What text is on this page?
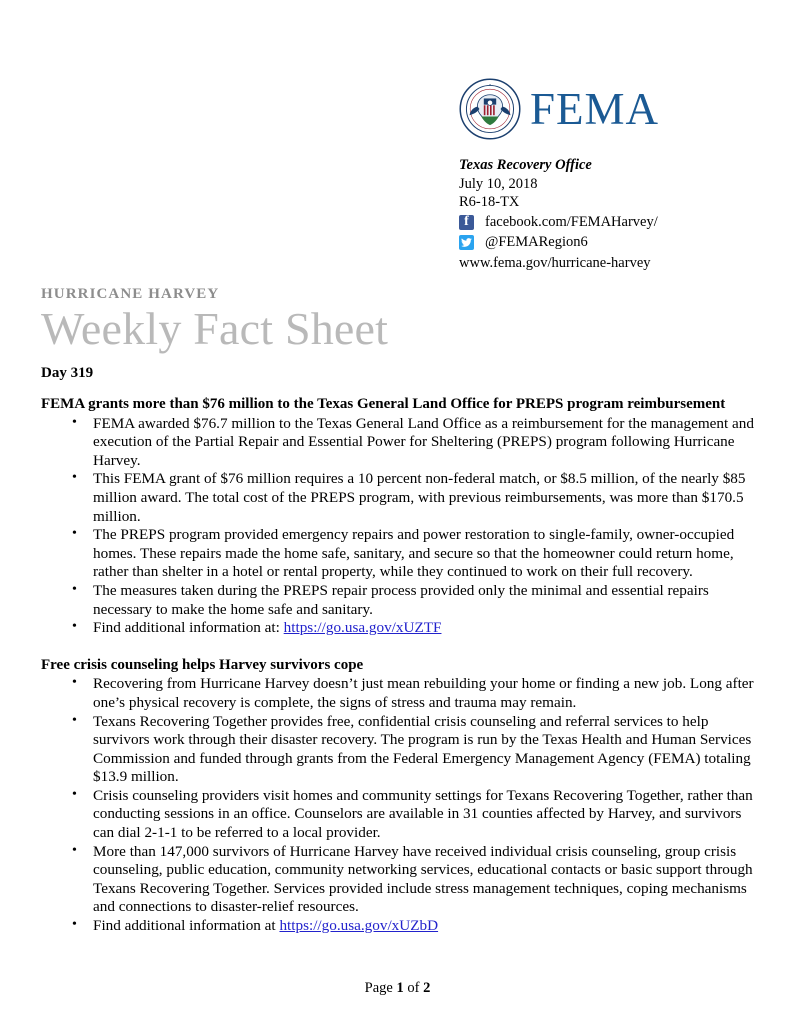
•
FEMA
Texas Recovery Office
July 10, 2018
R6-18-TX
f
facebook.com/FEMAHarvey/
@FEMARegion6
www.fema.gov/hurricane-harvey
HURRICANE HARVEY
Weekly Fact Sheet
Day 319

FEMA grants more than $76 million to the Texas General Land Office for PREPS program reimbursement

• FEMA awarded $76.7 million to the Texas General Land Office as a reimbursement for the management and execution of the Partial Repair and Essential Power for Sheltering (PREPS) program following Hurricane Harvey.
• This FEMA grant of $76 million requires a 10 percent non-federal match, or $8.5 million, of the nearly $85 million award. The total cost of the PREPS program, with previous reimbursements, was more than $170.5 million.
• The PREPS program provided emergency repairs and power restoration to single-family, owner-occupied homes. These repairs made the home safe, sanitary, and secure so that the homeowner could return home, rather than shelter in a hotel or rental property, while they continued to work on their full recovery.
• The measures taken during the PREPS repair process provided only the minimal and essential repairs necessary to make the home safe and sanitary.
• Find additional information at: https://go.usa.gov/xUZTF

Free crisis counseling helps Harvey survivors cope

• Recovering from Hurricane Harvey doesn’t just mean rebuilding your home or finding a new job. Long after one’s physical recovery is complete, the signs of stress and trauma may remain.
• Texans Recovering Together provides free, confidential crisis counseling and referral services to help survivors work through their disaster recovery. The program is run by the Texas Health and Human Services Commission and funded through grants from the Federal Emergency Management Agency (FEMA) totaling $13.9 million.
• Crisis counseling providers visit homes and community settings for Texans Recovering Together, rather than conducting sessions in an office. Counselors are available in 31 counties affected by Harvey, and survivors can dial 2-1-1 to be referred to a local provider.
• More than 147,000 survivors of Hurricane Harvey have received individual crisis counseling, group crisis counseling, public education, community networking services, educational contacts or basic support through Texans Recovering Together. Services provided include stress management techniques, coping mechanisms and connections to disaster-relief resources.
• Find additional information at https://go.usa.gov/xUZbD
Page 1 of 2
